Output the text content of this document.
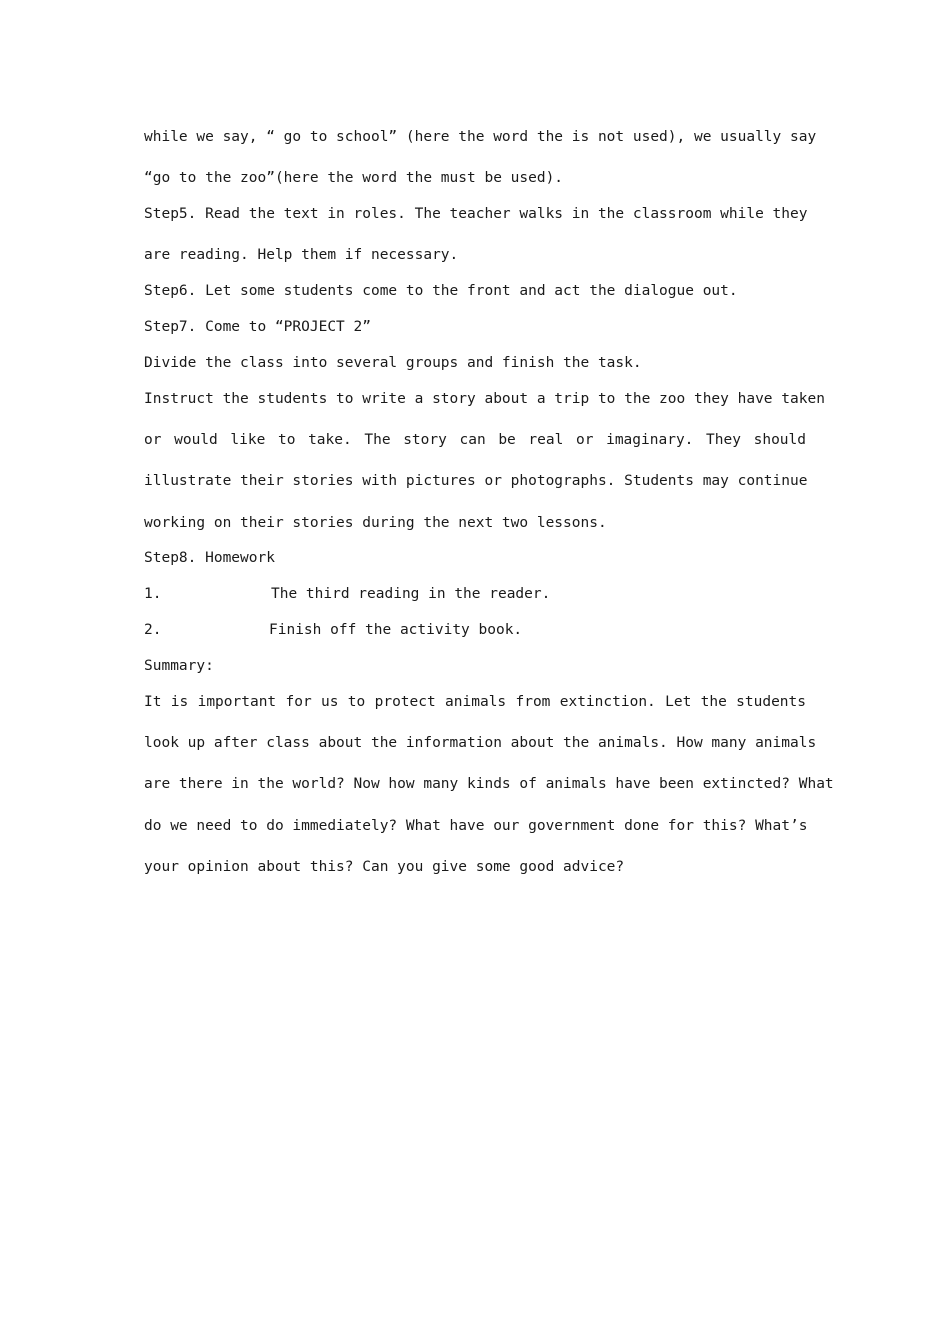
while we say, “ go to school” (here the word the is not used), we usually say
“go to the zoo”(here the word the must be used).
Step5. Read the text in roles. The teacher walks in the classroom while they
are reading. Help them if necessary.
Step6. Let some students come to the front and act the dialogue out.
Step7. Come to “PROJECT 2”
Divide the class into several groups and finish the task.
Instruct the students to write a story about a trip to the zoo they have taken
or would like to take. The story can be real or imaginary. They should
illustrate their stories with pictures or photographs. Students may continue
working on their stories during the next two lessons.
Step8. Homework
1.	The third reading in the reader.
2.	Finish off the activity book.
Summary:
It is important for us to protect animals from extinction. Let the students
look up after class about the information about the animals. How many animals
are there in the world? Now how many kinds of animals have been extincted? What
do we need to do immediately? What have our government done for this? What’s
your opinion about this? Can you give some good advice?
